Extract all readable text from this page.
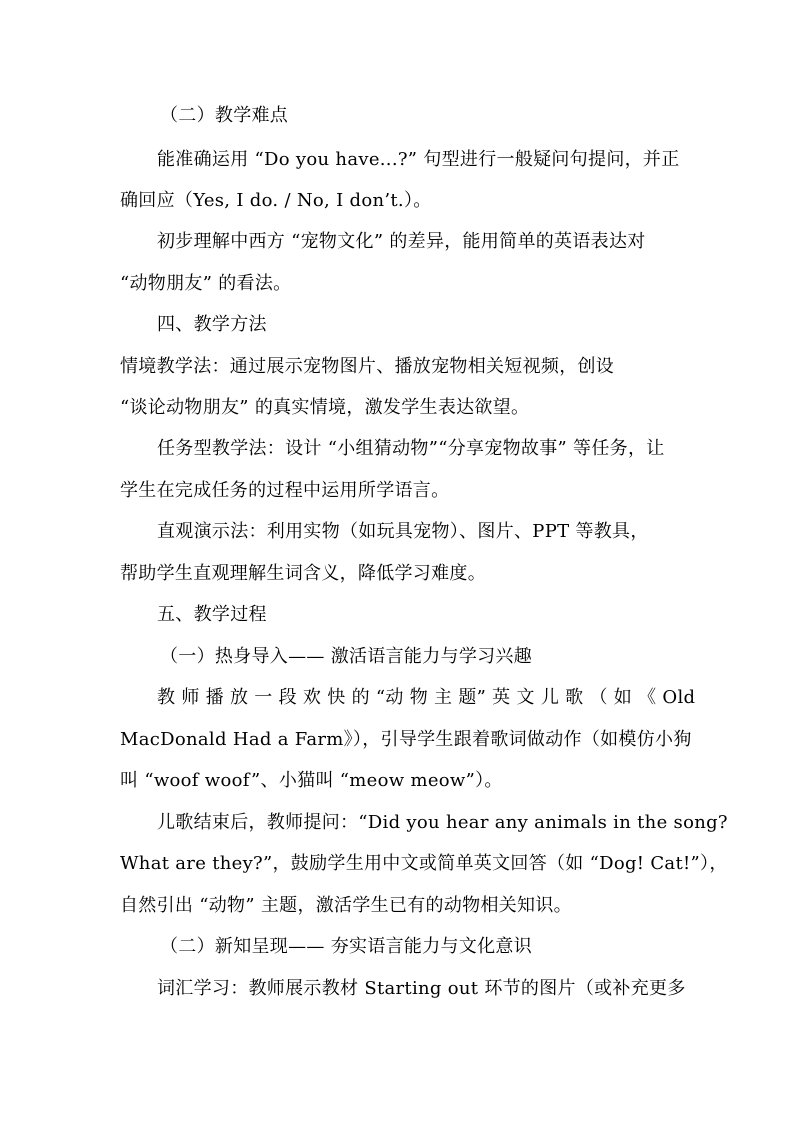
（二）教学难点
能准确运用 “Do you have...?” 句型进行一般疑问句提问，并正
确回应（Yes, I do. / No, I don’t.）。
初步理解中西方 “宠物文化” 的差异，能用简单的英语表达对
“动物朋友” 的看法。
四、教学方法
情境教学法：通过展示宠物图片、播放宠物相关短视频，创设
“谈论动物朋友” 的真实情境，激发学生表达欲望。
任务型教学法：设计 “小组猜动物”“分享宠物故事” 等任务，让
学生在完成任务的过程中运用所学语言。
直观演示法：利用实物（如玩具宠物）、图片、PPT 等教具，
帮助学生直观理解生词含义，降低学习难度。
五、教学过程
（一）热身导入—— 激活语言能力与学习兴趣
教 师 播 放 一 段 欢 快 的 “动 物 主 题” 英 文 儿 歌 （ 如 《 Old
MacDonald Had a Farm》），引导学生跟着歌词做动作（如模仿小狗
叫 “woof woof”、小猫叫 “meow meow”）。
儿歌结束后，教师提问：“Did you hear any animals in the song?
What are they?”，鼓励学生用中文或简单英文回答（如 “Dog! Cat!”），
自然引出 “动物” 主题，激活学生已有的动物相关知识。
（二）新知呈现—— 夯实语言能力与文化意识
词汇学习：教师展示教材 Starting out 环节的图片（或补充更多
